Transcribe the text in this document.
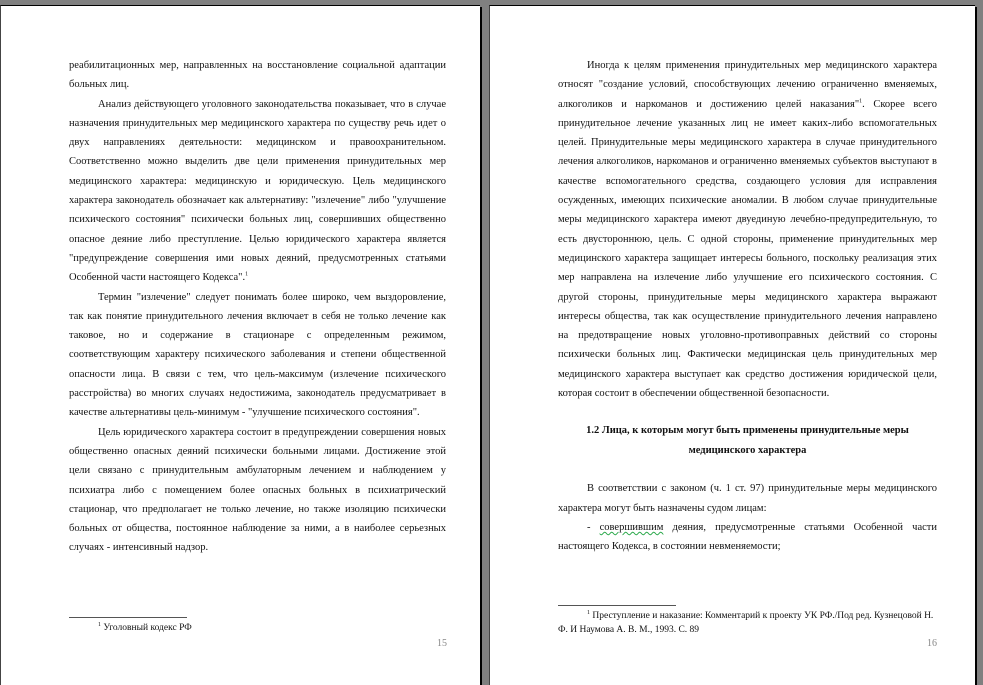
реабилитационных мер, направленных на восстановление социальной адаптации больных лиц.

Анализ действующего уголовного законодательства показывает, что в случае назначения принудительных мер медицинского характера по существу речь идет о двух направлениях деятельности: медицинском и правоохранительном. Соответственно можно выделить две цели применения принудительных мер медицинского характера: медицинскую и юридическую. Цель медицинского характера законодатель обозначает как альтернативу: "излечение" либо "улучшение психического состояния" психически больных лиц, совершивших общественно опасное деяние либо преступление. Целью юридического характера является "предупреждение совершения ими новых деяний, предусмотренных статьями Особенной части настоящего Кодекса".$^1$

Термин "излечение" следует понимать более широко, чем выздоровление, так как понятие принудительного лечения включает в себя не только лечение как таковое, но и содержание в стационаре с определенным режимом, соответствующим характеру психического заболевания и степени общественной опасности лица. В связи с тем, что цель-максимум (излечение психического расстройства) во многих случаях недостижима, законодатель предусматривает в качестве альтернативы цель-минимум - "улучшение психического состояния".

Цель юридического характера состоит в предупреждении совершения новых общественно опасных деяний психически больными лицами. Достижение этой цели связано с принудительным амбулаторным лечением и наблюдением у психиатра либо с помещением более опасных больных в психиатрический стационар, что предполагает не только лечение, но также изоляцию психически больных от общества, постоянное наблюдение за ними, а в наиболее серьезных случаях - интенсивный надзор.

$^1$ Уголовный кодекс РФ
15

Иногда к целям применения принудительных мер медицинского характера относят "создание условий, способствующих лечению ограниченно вменяемых, алкоголиков и наркоманов и достижению целей наказания"$^1$. Скорее всего принудительное лечение указанных лиц не имеет каких-либо вспомогательных целей. Принудительные меры медицинского характера в случае принудительного лечения алкоголиков, наркоманов и ограниченно вменяемых субъектов выступают в качестве вспомогательного средства, создающего условия для исправления осужденных, имеющих психические аномалии. В любом случае принудительные меры медицинского характера имеют двуединую лечебно-предупредительную, то есть двустороннюю, цель. С одной стороны, применение принудительных мер медицинского характера защищает интересы больного, поскольку реализация этих мер направлена на излечение либо улучшение его психического состояния. С другой стороны, принудительные меры медицинского характера выражают интересы общества, так как осуществление принудительного лечения направлено на предотвращение новых уголовно-противоправных действий со стороны психически больных лиц. Фактически медицинская цель принудительных мер медицинского характера выступает как средство достижения юридической цели, которая состоит в обеспечении общественной безопасности.

1.2 Лица, к которым могут быть применены принудительные меры медицинского характера

В соответствии с законом (ч. 1 ст. 97) принудительные меры медицинского характера могут быть назначены судом лицам:

- совершившим деяния, предусмотренные статьями Особенной части настоящего Кодекса, в состоянии невменяемости;

$^1$ Преступление и наказание: Комментарий к проекту УК РФ./Под ред. Кузнецовой Н. Ф. И Наумова А. В. М., 1993. С. 89
16
